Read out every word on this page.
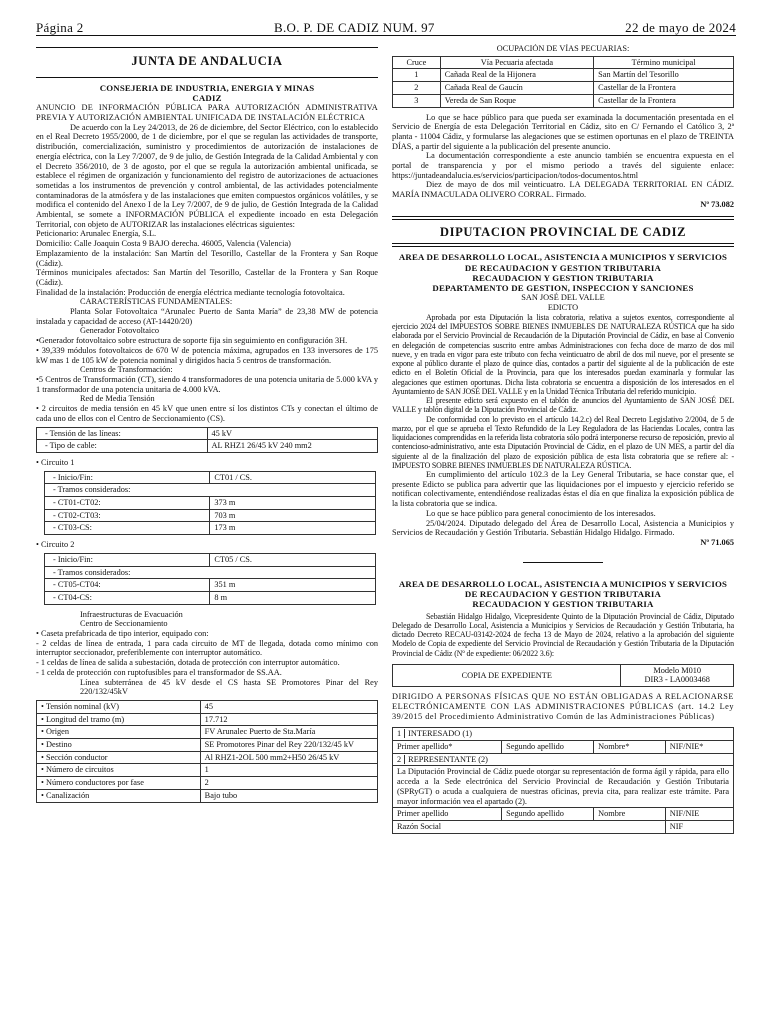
Página 2	B.O. P. DE CADIZ NUM. 97	22 de mayo de 2024
JUNTA DE ANDALUCIA
CONSEJERIA DE INDUSTRIA, ENERGIA Y MINAS
CADIZ

ANUNCIO DE INFORMACIÓN PÚBLICA PARA AUTORIZACIÓN ADMINISTRATIVA PREVIA Y AUTORIZACIÓN AMBIENTAL UNIFICADA DE INSTALACIÓN ELÉCTRICA

De acuerdo con la Ley 24/2013, de 26 de diciembre, del Sector Eléctrico, con lo establecido en el Real Decreto 1955/2000, de 1 de diciembre, por el que se regulan las actividades de transporte, distribución, comercialización, suministro y procedimientos de autorización de instalaciones de energía eléctrica, con la Ley 7/2007, de 9 de julio, de Gestión Integrada de la Calidad Ambiental y con el Decreto 356/2010, de 3 de agosto, por el que se regula la autorización ambiental unificada, se establece el régimen de organización y funcionamiento del registro de autorizaciones de actuaciones sometidas a los instrumentos de prevención y control ambiental, de las actividades potencialmente contaminadoras de la atmósfera y de las instalaciones que emiten compuestos orgánicos volátiles, y se modifica el contenido del Anexo I de la Ley 7/2007, de 9 de julio, de Gestión Integrada de la Calidad Ambiental, se somete a INFORMACIÓN PÚBLICA el expediente incoado en esta Delegación Territorial, con objeto de AUTORIZAR las instalaciones eléctricas siguientes:

Peticionario: Arunalec Energía, S.L.

Domicilio: Calle Joaquin Costa 9 BAJO derecha. 46005, Valencia (Valencia)

Emplazamiento de la instalación: San Martín del Tesorillo, Castellar de la Frontera y San Roque (Cádiz).

Términos municipales afectados: San Martín del Tesorillo, Castellar de la Frontera y San Roque (Cádiz).

Finalidad de la instalación: Producción de energía eléctrica mediante tecnología fotovoltaica.

CARACTERÍSTICAS FUNDAMENTALES:

Planta Solar Fotovoltaica “Arunalec Puerto de Santa María” de 23,38 MW de potencia instalada y capacidad de acceso (AT-14420/20)

Generador Fotovoltaico

•Generador fotovoltaico sobre estructura de soporte fija sin seguimiento en configuración 3H.

• 39,339 módulos fotovoltaicos de 670 W de potencia máxima, agrupados en 133 inversores de 175 kW mas 1 de 105 kW de potencia nominal y dirigidos hacia 5 centros de transformación.

Centros de Transformación:

•5 Centros de Transformación (CT), siendo 4 transformadores de una potencia unitaria de 5.000 kVA y 1 transformador de una potencia unitaria de 4.000 kVA.

Red de Media Tensión

• 2 circuitos de media tensión en 45 kV que unen entre sí los distintos CTs y conectan el último de cada uno de ellos con el Centro de Seccionamiento (CS).

- Tensión de las líneas:	45 kV
- Tipo de cable:	AL RHZ1 26/45 kV 240 mm2

• Circuito 1

- Inicio/Fin:	CT01 / CS.
- Tramos considerados:	
- CT01-CT02:	373 m
- CT02-CT03:	703 m
- CT03-CS:	173 m

• Circuito 2

- Inicio/Fin:	CT05 / CS.
- Tramos considerados:	
- CT05-CT04:	351 m
- CT04-CS:	8 m

Infraestructuras de Evacuación

Centro de Seccionamiento

• Caseta prefabricada de tipo interior, equipado con:

- 2 celdas de línea de entrada, 1 para cada circuito de MT de llegada, dotada como mínimo con interruptor seccionador, preferiblemente con interruptor automático.

- 1 celdas de línea de salida a subestación, dotada de protección con interruptor automático.

- 1 celda de protección con ruptofusibles para el transformador de SS.AA.

Línea subterránea de 45 kV desde el CS hasta SE Promotores Pinar del Rey 220/132/45kV

• Tensión nominal (kV)	45
• Longitud del tramo (m)	17.712
• Origen	FV Arunalec Puerto de Sta.María
• Destino	SE Promotores Pinar del Rey 220/132/45 kV
• Sección conductor	Al RHZ1-2OL 500 mm2+H50 26/45 kV
• Número de circuitos	1
• Número conductores por fase	2
• Canalización	Bajo tubo
OCUPACIÓN DE VÍAS PECUARIAS:
Cruce	Vía Pecuaria afectada	Término municipal
1	Cañada Real de la Hijonera	San Martín del Tesorillo
2	Cañada Real de Gaucín	Castellar de la Frontera
3	Vereda de San Roque	Castellar de la Frontera

Lo que se hace público para que pueda ser examinada la documentación presentada en el Servicio de Energía de esta Delegación Territorial en Cádiz, sito en C/ Fernando el Católico 3, 2ª planta - 11004 Cádiz, y formularse las alegaciones que se estimen oportunas en el plazo de TREINTA DÍAS, a partir del siguiente a la publicación del presente anuncio.

La documentación correspondiente a este anuncio también se encuentra expuesta en el portal de transparencia y por el mismo periodo a través del siguiente enlace: https://juntadeandalucia.es/servicios/participacion/todos-documentos.html

Diez de mayo de dos mil veinticuatro. LA DELEGADA TERRITORIAL EN CÁDIZ. MARÍA INMACULADA OLIVERO CORRAL. Firmado.

Nº 73.082
DIPUTACION PROVINCIAL DE CADIZ
AREA DE DESARROLLO LOCAL, ASISTENCIA A MUNICIPIOS Y SERVICIOS DE RECAUDACION Y GESTION TRIBUTARIA
RECAUDACION Y GESTION TRIBUTARIA
DEPARTAMENTO DE GESTION, INSPECCION Y SANCIONES
SAN JOSÉ DEL VALLE
EDICTO

Aprobada por esta Diputación la lista cobratoria, relativa a sujetos exentos, correspondiente al ejercicio 2024 del IMPUESTOS SOBRE BIENES INMUEBLES DE NATURALEZA RÚSTICA que ha sido elaborada por el Servicio Provincial de Recaudación de la Diputación Provincial de Cádiz, en base al Convenio en delegación de competencias suscrito entre ambas Administraciones con fecha doce de marzo de dos mil nueve, y en trada en vigor para este tributo con fecha veinticuatro de abril de dos mil nueve, por el presente se expone al público durante el plazo de quince días, contados a partir del siguiente al de la publicación de este edicto en el Boletín Oficial de la Provincia, para que los interesados puedan examinarla y formular las alegaciones que estimen oportunas. Dicha lista cobratoria se encuentra a disposición de los interesados en el Ayuntamiento de SAN JOSÉ DEL VALLE y en la Unidad Técnica Tributaria del referido municipio.

El presente edicto será expuesto en el tablón de anuncios del Ayuntamiento de SAN JOSÉ DEL VALLE y tablón digital de la Diputación Provincial de Cádiz.

De conformidad con lo previsto en el artículo 14.2.c) del Real Decreto Legislativo 2/2004, de 5 de marzo, por el que se aprueba el Texto Refundido de la Ley Reguladora de las Haciendas Locales, contra las liquidaciones comprendidas en la referida lista cobratoria sólo podrá interponerse recurso de reposición, previo al contencioso-administrativo, ante esta Diputación Provincial de Cádiz, en el plazo de UN MES, a partir del día siguiente al de la finalización del plazo de exposición pública de esta lista cobratoria que se refiere al: - IMPUESTO SOBRE BIENES INMUEBLES DE NATURALEZA RÚSTICA.

En cumplimiento del artículo 102.3 de la Ley General Tributaria, se hace constar que, el presente Edicto se publica para advertir que las liquidaciones por el impuesto y ejercicio referido se notifican colectivamente, entendiéndose realizadas éstas el día en que finaliza la exposición pública de la lista cobratoria que se indica.

Lo que se hace público para general conocimiento de los interesados.

25/04/2024. Diputado delegado del Área de Desarrollo Local, Asistencia a Municipios y Servicios de Recaudación y Gestión Tributaria. Sebastián Hidalgo Hidalgo. Firmado.

Nº 71.065
AREA DE DESARROLLO LOCAL, ASISTENCIA A MUNICIPIOS Y SERVICIOS DE RECAUDACION Y GESTION TRIBUTARIA
RECAUDACION Y GESTION TRIBUTARIA

Sebastián Hidalgo Hidalgo, Vicepresidente Quinto de la Diputación Provincial de Cádiz, Diputado Delegado de Desarrollo Local, Asistencia a Municipios y Servicios de Recaudación y Gestión Tributaria, ha dictado Decreto RECAU-03142-2024 de fecha 13 de Mayo de 2024, relativo a la aprobación del siguiente Modelo de Copia de expediente del Servicio Provincial de Recaudación y Gestión Tributaria de la Diputación Provincial de Cádiz (Nº de expediente: 06/2022 3.6):

COPIA DE EXPEDIENTE	
Modelo M010
DIR3 - LA0003468

DIRIGIDO A PERSONAS FÍSICAS QUE NO ESTÁN OBLIGADAS A RELACIONARSE ELECTRÓNICAMENTE CON LAS ADMINISTRACIONES PÚBLICAS (art. 14.2 Ley 39/2015 del Procedimiento Administrativo Común de las Administraciones Públicas)

1 INTERESADO (1)			
Primer apellido*	Segundo apellido	Nombre*	NIF/NIE*
2 REPRESENTANTE (2)			
La Diputación Provincial de Cádiz puede otorgar su representación de forma ágil y rápida, para ello acceda a la Sede electrónica del Servicio Provincial de Recaudación y Gestión Tributaria (SPRyGT) o acuda a cualquiera de nuestras oficinas, previa cita, para realizar este trámite. Para mayor información vea el apartado (2).			
Primer apellido	Segundo apellido	Nombre	NIF/NIE
Razón Social			NIF
